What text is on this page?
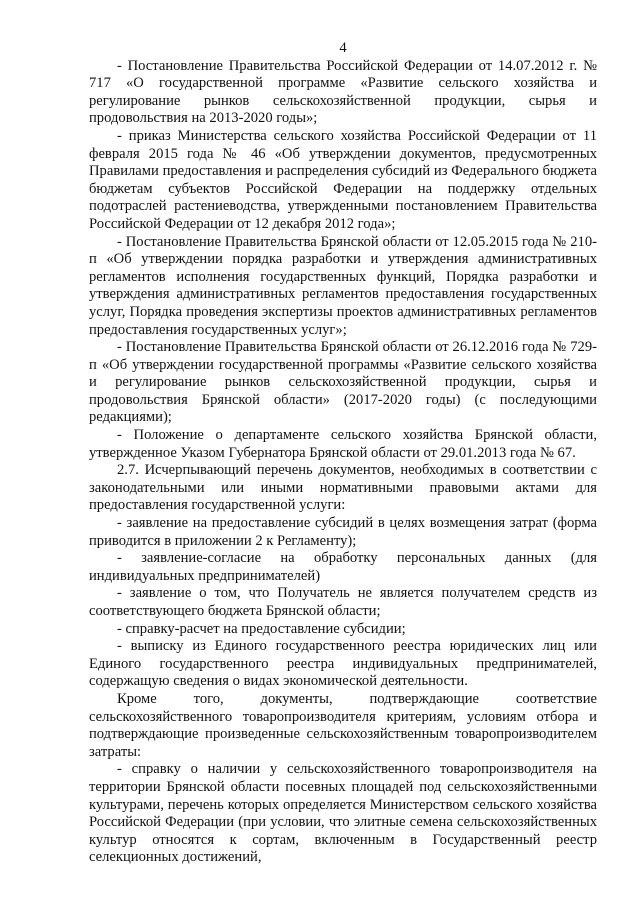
4

- Постановление Правительства Российской Федерации от 14.07.2012 г. № 717 «О государственной программе «Развитие сельского хозяйства и регулирование рынков сельскохозяйственной продукции, сырья и продовольствия на 2013-2020 годы»;

- приказ Министерства сельского хозяйства Российской Федерации от 11 февраля 2015 года № 46 «Об утверждении документов, предусмотренных Правилами предоставления и распределения субсидий из Федерального бюджета бюджетам субъектов Российской Федерации на поддержку отдельных подотраслей растениеводства, утвержденными постановлением Правительства Российской Федерации от 12 декабря 2012 года»;

- Постановление Правительства Брянской области от 12.05.2015 года № 210-п «Об утверждении порядка разработки и утверждения административных регламентов исполнения государственных функций, Порядка разработки и утверждения административных регламентов предоставления государственных услуг, Порядка проведения экспертизы проектов административных регламентов предоставления государственных услуг»;

- Постановление Правительства Брянской области от 26.12.2016 года № 729-п «Об утверждении государственной программы «Развитие сельского хозяйства и регулирование рынков сельскохозяйственной продукции, сырья и продовольствия Брянской области» (2017-2020 годы) (с последующими редакциями);

- Положение о департаменте сельского хозяйства Брянской области, утвержденное Указом Губернатора Брянской области от 29.01.2013 года № 67.

2.7. Исчерпывающий перечень документов, необходимых в соответствии с законодательными или иными нормативными правовыми актами для предоставления государственной услуги:

- заявление на предоставление субсидий в целях возмещения затрат (форма приводится в приложении 2 к Регламенту);

- заявление-согласие на обработку персональных данных (для индивидуальных предпринимателей)

- заявление о том, что Получатель не является получателем средств из соответствующего бюджета Брянской области;

- справку-расчет на предоставление субсидии;

- выписку из Единого государственного реестра юридических лиц или Единого государственного реестра индивидуальных предпринимателей, содержащую сведения о видах экономической деятельности.

Кроме того, документы, подтверждающие соответствие сельскохозяйственного товаропроизводителя критериям, условиям отбора и подтверждающие произведенные сельскохозяйственным товаропроизводителем затраты:

- справку о наличии у сельскохозяйственного товаропроизводителя на территории Брянской области посевных площадей под сельскохозяйственными культурами, перечень которых определяется Министерством сельского хозяйства Российской Федерации (при условии, что элитные семена сельскохозяйственных культур относятся к сортам, включенным в Государственный реестр селекционных достижений,
